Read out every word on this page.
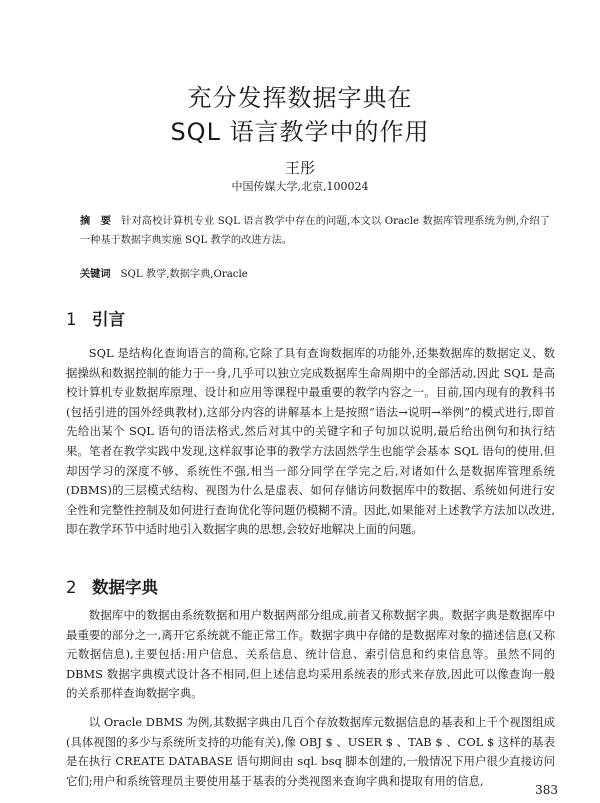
充分发挥数据字典在
SQL 语言教学中的作用
王彤
中国传媒大学,北京,100024
摘　要 针对高校计算机专业 SQL 语言教学中存在的问题,本文以 Oracle 数据库管理系统为例,介绍了一种基于数据字典实施 SQL 教学的改进方法。
关键词 SQL 教学,数据字典,Oracle
1 引言
SQL 是结构化查询语言的简称,它除了具有查询数据库的功能外,还集数据库的数据定义、数据操纵和数据控制的能力于一身,几乎可以独立完成数据库生命周期中的全部活动,因此 SQL 是高校计算机专业数据库原理、设计和应用等课程中最重要的教学内容之一。目前,国内现有的教科书(包括引进的国外经典教材),这部分内容的讲解基本上是按照“语法→说明→举例”的模式进行,即首先给出某个 SQL 语句的语法格式,然后对其中的关键字和子句加以说明,最后给出例句和执行结果。笔者在教学实践中发现,这样叙事论事的教学方法固然学生也能学会基本 SQL 语句的使用,但却因学习的深度不够、系统性不强,相当一部分同学在学完之后,对诸如什么是数据库管理系统(DBMS)的三层模式结构、视图为什么是虚表、如何存储访问数据库中的数据、系统如何进行安全性和完整性控制及如何进行查询优化等问题仍模糊不清。因此,如果能对上述教学方法加以改进,即在教学环节中适时地引入数据字典的思想,会较好地解决上面的问题。
2 数据字典
数据库中的数据由系统数据和用户数据两部分组成,前者又称数据字典。数据字典是数据库中最重要的部分之一,离开它系统就不能正常工作。数据字典中存储的是数据库对象的描述信息(又称元数据信息),主要包括:用户信息、关系信息、统计信息、索引信息和约束信息等。虽然不同的 DBMS 数据字典模式设计各不相同,但上述信息均采用系统表的形式来存放,因此可以像查询一般的关系那样查询数据字典。
以 Oracle DBMS 为例,其数据字典由几百个存放数据库元数据信息的基表和上千个视图组成(具体视图的多少与系统所支持的功能有关),像 OBJ $ 、USER $ 、TAB $ 、COL $ 这样的基表是在执行 CREATE DATABASE 语句期间由 sql. bsq 脚本创建的,一般情况下用户很少直接访问它们;用户和系统管理员主要使用基于基表的分类视图来查询字典和提取有用的信息,
383
